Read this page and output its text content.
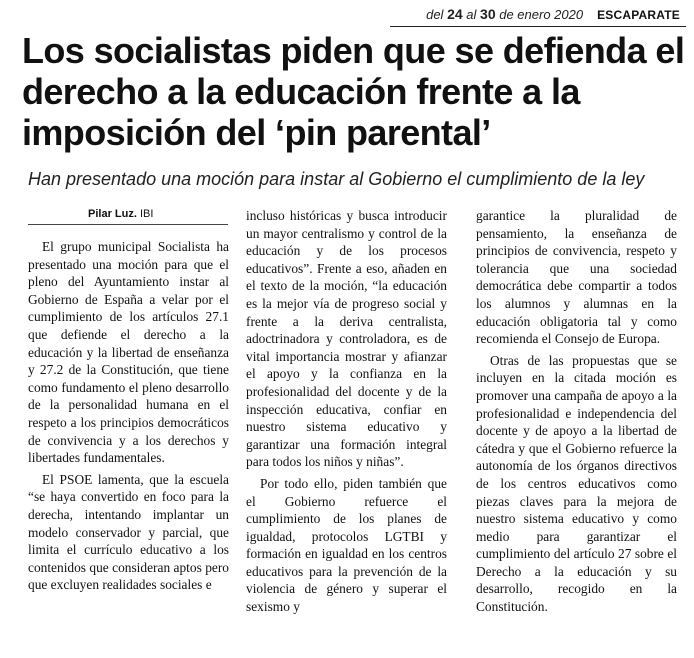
del 24 al 30 de enero 2020 ESCAPARATE
Los socialistas piden que se defienda el derecho a la educación frente a la imposición del ‘pin parental’
Han presentado una moción para instar al Gobierno el cumplimiento de la ley
Pilar Luz. IBI

El grupo municipal Socialista ha presentado una moción para que el pleno del Ayuntamiento instar al Gobierno de España a velar por el cumplimiento de los artículos 27.1 que defiende el derecho a la educación y la libertad de enseñanza y 27.2 de la Constitución, que tiene como fundamento el pleno desarrollo de la personalidad humana en el respeto a los principios democráticos de convivencia y a los derechos y libertades fundamentales.

El PSOE lamenta, que la escuela “se haya convertido en foco para la derecha, intentando implantar un modelo conservador y parcial, que limita el currículo educativo a los contenidos que consideran aptos pero que excluyen realidades sociales e

incluso históricas y busca introducir un mayor centralismo y control de la educación y de los procesos educativos”. Frente a eso, añaden en el texto de la moción, “la educación es la mejor vía de progreso social y frente a la deriva centralista, adoctrinadora y controladora, es de vital importancia mostrar y afianzar el apoyo y la confianza en la profesionalidad del docente y de la inspección educativa, confiar en nuestro sistema educativo y garantizar una formación integral para todos los niños y niñas”.

Por todo ello, piden también que el Gobierno refuerce el cumplimiento de los planes de igualdad, protocolos LGTBI y formación en igualdad en los centros educativos para la prevención de la violencia de género y superar el sexismo y

garantice la pluralidad de pensamiento, la enseñanza de principios de convivencia, respeto y tolerancia que una sociedad democrática debe compartir a todos los alumnos y alumnas en la educación obligatoria tal y como recomienda el Consejo de Europa.

Otras de las propuestas que se incluyen en la citada moción es promover una campaña de apoyo a la profesionalidad e independencia del docente y de apoyo a la libertad de cátedra y que el Gobierno refuerce la autonomía de los órganos directivos de los centros educativos como piezas claves para la mejora de nuestro sistema educativo y como medio para garantizar el cumplimiento del artículo 27 sobre el Derecho a la educación y su desarrollo, recogido en la Constitución.
